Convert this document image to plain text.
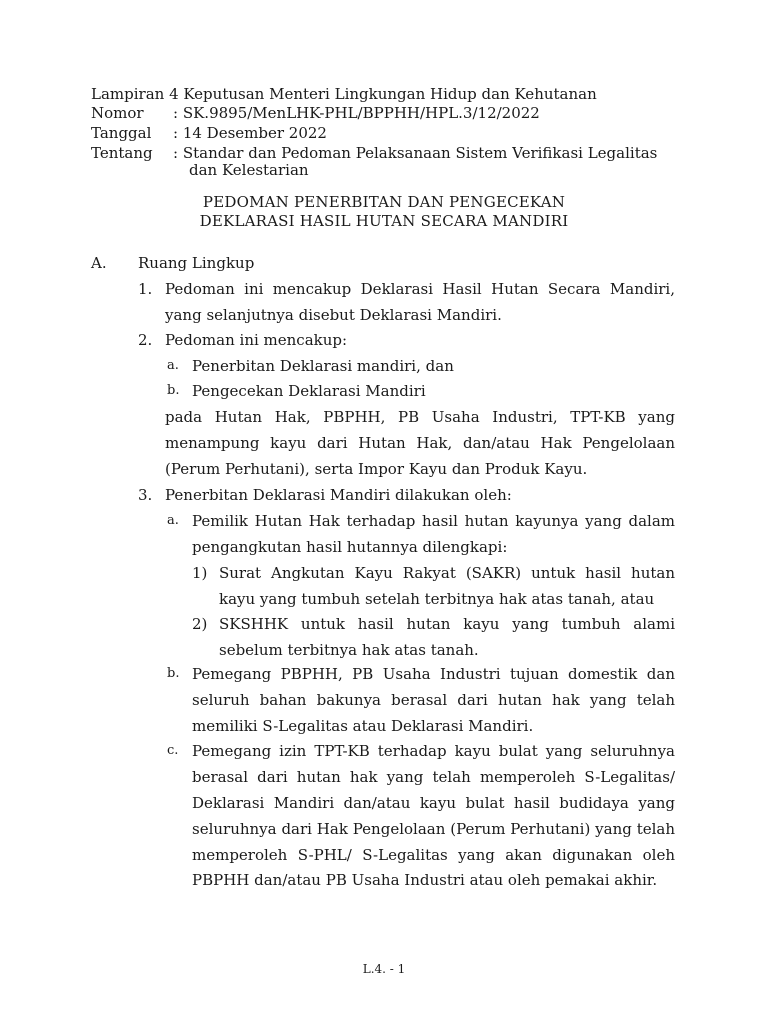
Lampiran 4 Keputusan Menteri Lingkungan Hidup dan Kehutanan
Nomor : SK.9895/MenLHK-PHL/BPPHH/HPL.3/12/2022
Tanggal : 14 Desember 2022
Tentang : Standar dan Pedoman Pelaksanaan Sistem Verifikasi Legalitas
dan Kelestarian
PEDOMAN PENERBITAN DAN PENGECEKAN
DEKLARASI HASIL HUTAN SECARA MANDIRI
A. Ruang Lingkup
1. Pedoman ini mencakup Deklarasi Hasil Hutan Secara Mandiri,
yang selanjutnya disebut Deklarasi Mandiri.
2. Pedoman ini mencakup:
a. Penerbitan Deklarasi mandiri, dan
b. Pengecekan Deklarasi Mandiri
pada Hutan Hak, PBPHH, PB Usaha Industri, TPT-KB yang
menampung kayu dari Hutan Hak, dan/atau Hak Pengelolaan
(Perum Perhutani), serta Impor Kayu dan Produk Kayu.
3. Penerbitan Deklarasi Mandiri dilakukan oleh:
a. Pemilik Hutan Hak terhadap hasil hutan kayunya yang dalam
pengangkutan hasil hutannya dilengkapi:
1) Surat Angkutan Kayu Rakyat (SAKR) untuk hasil hutan
kayu yang tumbuh setelah terbitnya hak atas tanah, atau
2) SKSHHK untuk hasil hutan kayu yang tumbuh alami
sebelum terbitnya hak atas tanah.
b. Pemegang PBPHH, PB Usaha Industri tujuan domestik dan
seluruh bahan bakunya berasal dari hutan hak yang telah
memiliki S-Legalitas atau Deklarasi Mandiri.
c. Pemegang izin TPT-KB terhadap kayu bulat yang seluruhnya
berasal dari hutan hak yang telah memperoleh S-Legalitas/
Deklarasi Mandiri dan/atau kayu bulat hasil budidaya yang
seluruhnya dari Hak Pengelolaan (Perum Perhutani) yang telah
memperoleh S-PHL/ S-Legalitas yang akan digunakan oleh
PBPHH dan/atau PB Usaha Industri atau oleh pemakai akhir.
L.4. - 1
